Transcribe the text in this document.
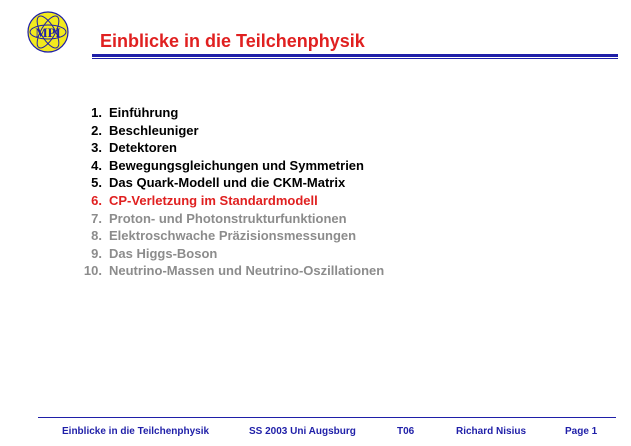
MPI Einblicke in die Teilchenphysik
1. Einführung
2. Beschleuniger
3. Detektoren
4. Bewegungsgleichungen und Symmetrien
5. Das Quark-Modell und die CKM-Matrix
6. CP-Verletzung im Standardmodell
7. Proton- und Photonstrukturfunktionen
8. Elektroschwache Präzisionsmessungen
9. Das Higgs-Boson
10. Neutrino-Massen und Neutrino-Oszillationen
Einblicke in die Teilchenphysik	SS 2003 Uni Augsburg	T06	Richard Nisius	Page 1
